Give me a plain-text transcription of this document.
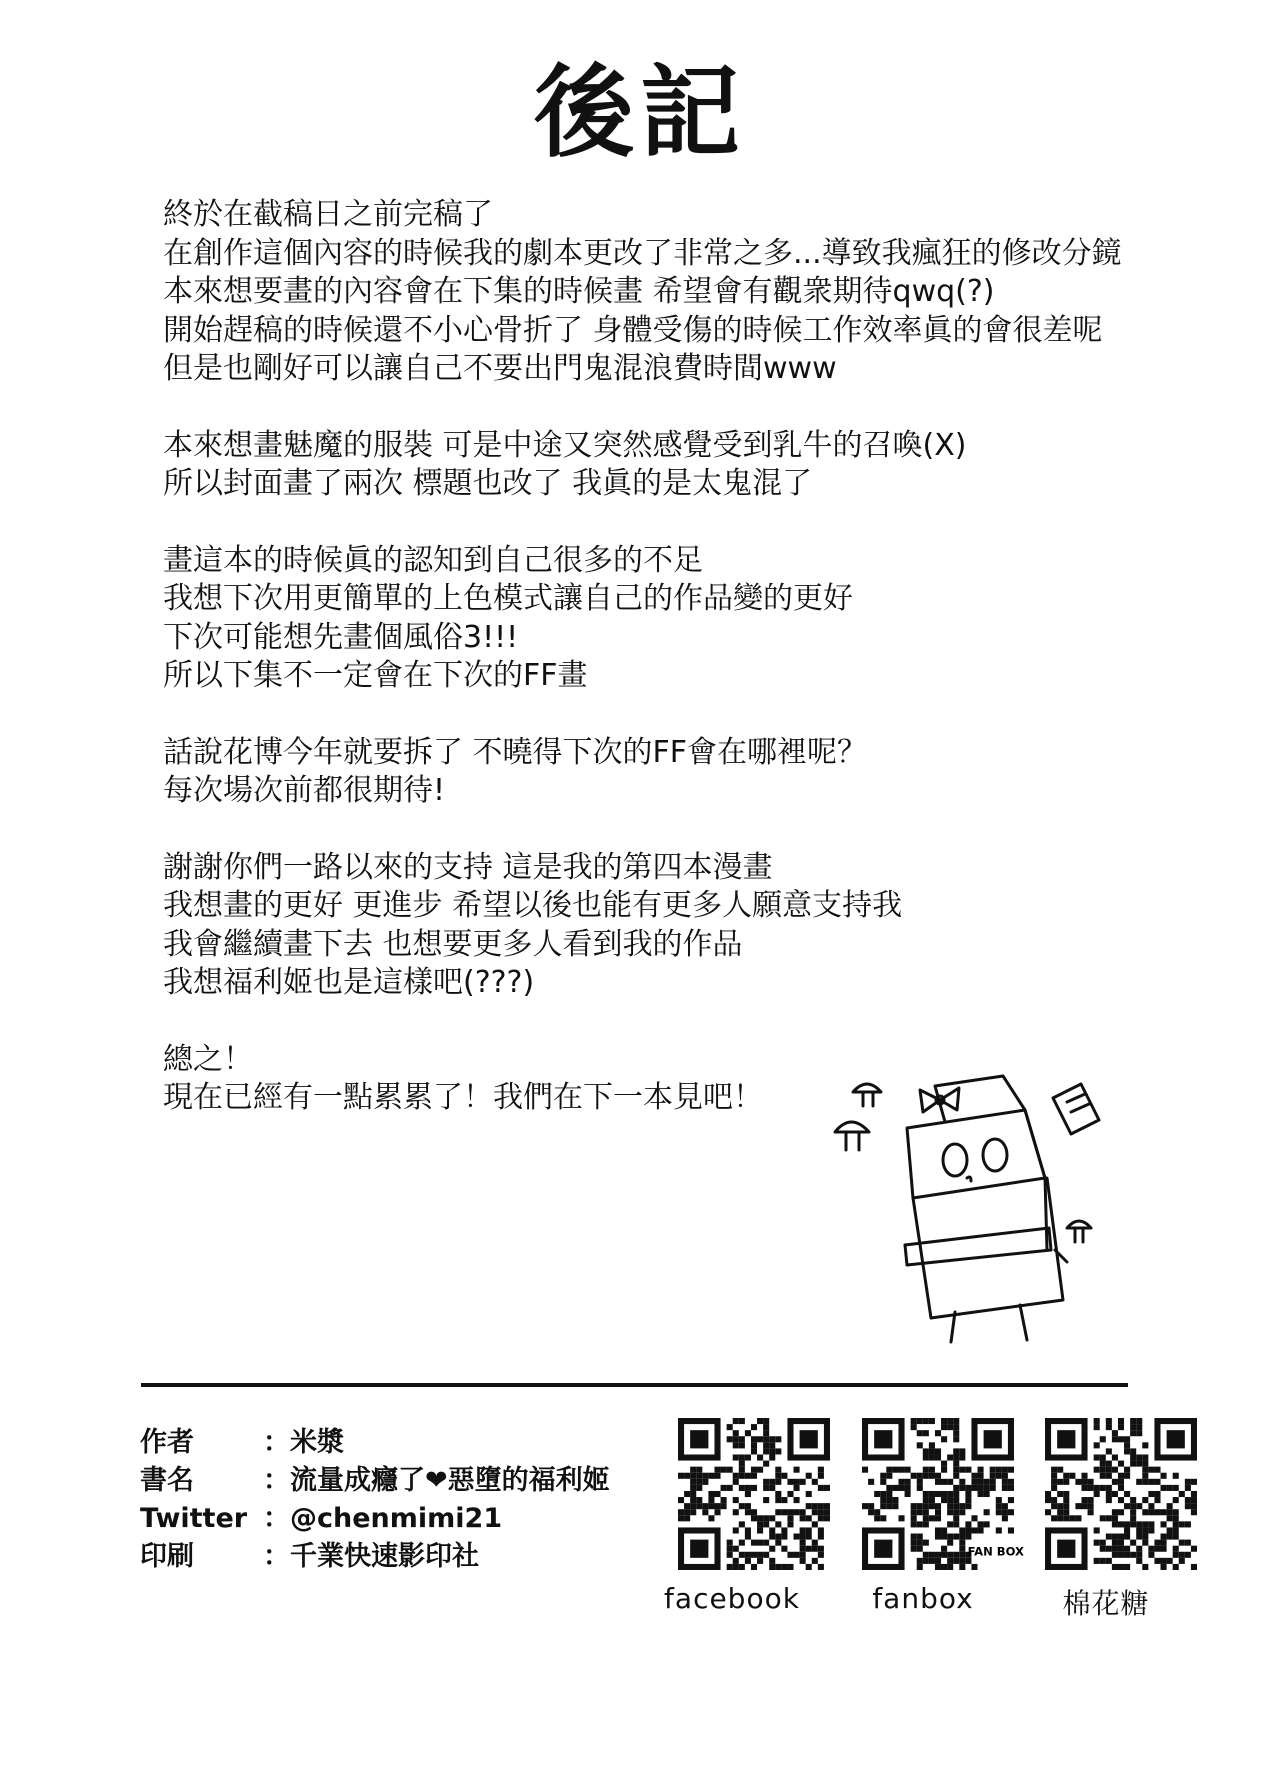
後記
終於在截稿日之前完稿了
在創作這個內容的時候我的劇本更改了非常之多...導致我瘋狂的修改分鏡
本來想要畫的內容會在下集的時候畫 希望會有觀衆期待qwq(?)
開始趕稿的時候還不小心骨折了 身體受傷的時候工作效率眞的會很差呢
但是也剛好可以讓自己不要出門鬼混浪費時間www
本來想畫魅魔的服裝 可是中途又突然感覺受到乳牛的召喚(X)
所以封面畫了兩次 標題也改了 我眞的是太鬼混了
畫這本的時候眞的認知到自己很多的不足
我想下次用更簡單的上色模式讓自己的作品變的更好
下次可能想先畫個風俗3!!!
所以下集不一定會在下次的FF畫
話說花博今年就要拆了 不曉得下次的FF會在哪裡呢？
每次場次前都很期待!
謝謝你們一路以來的支持 這是我的第四本漫畫
我想畫的更好 更進步 希望以後也能有更多人願意支持我
我會繼續畫下去 也想要更多人看到我的作品
我想福利姬也是這樣吧(???)
總之！
現在已經有一點累累了！我們在下一本見吧！
作者	：米漿
書名	：流量成癮了❤惡墮的福利姬
Twitter ：@chenmimi21
印刷	：千業快速影印社	FAN BOX
facebook	fanbox	棉花糖
